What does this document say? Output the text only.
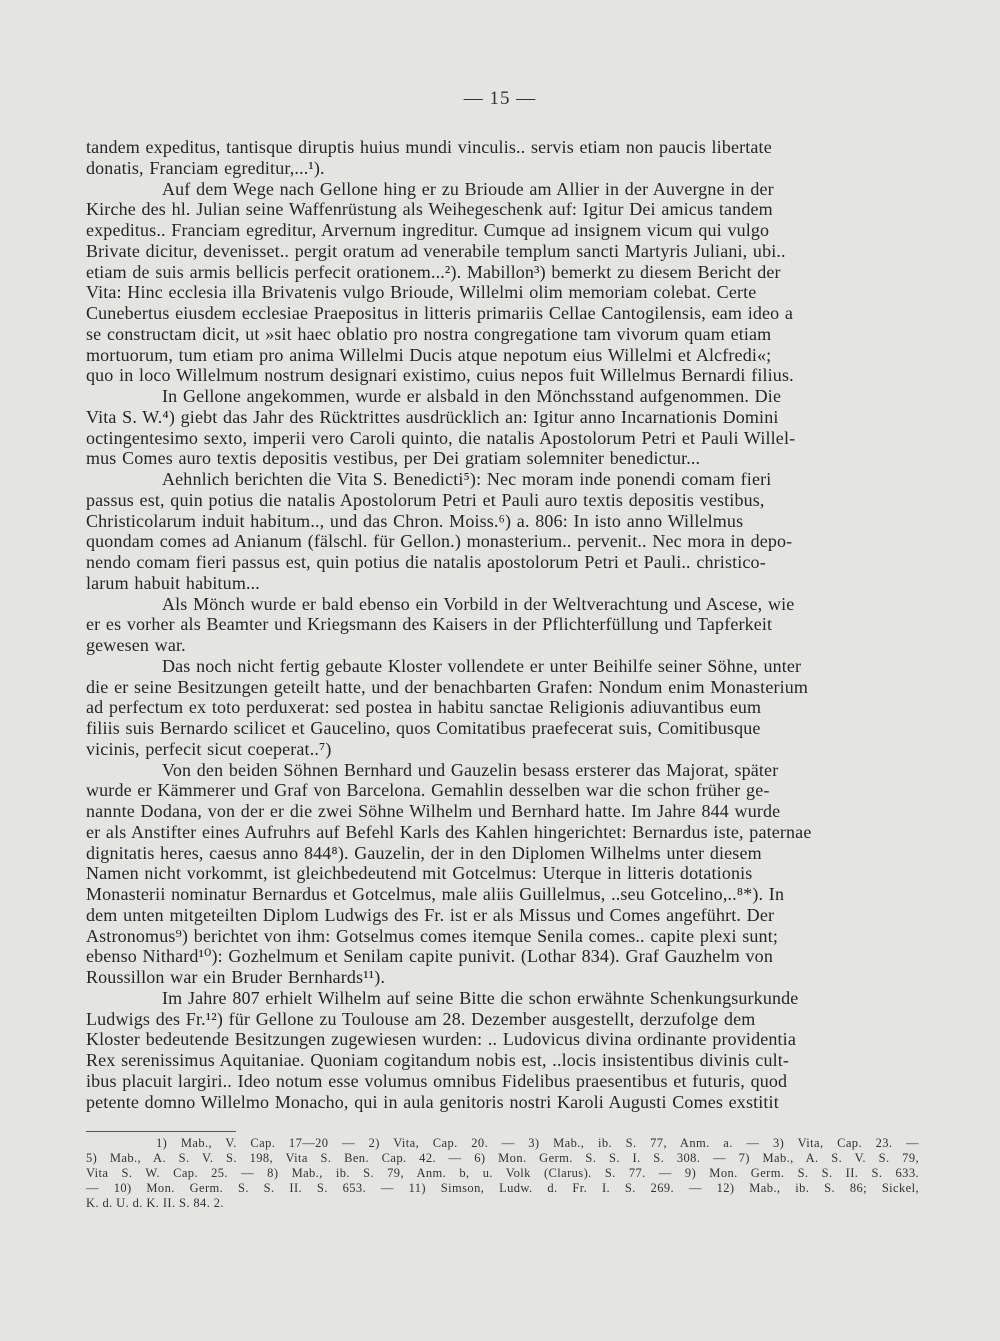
— 15 —

tandem expeditus, tantisque diruptis huius mundi vinculis.. servis etiam non paucis libertate
donatis, Franciam egreditur,...¹).

Auf dem Wege nach Gellone hing er zu Brioude am Allier in der Auvergne in der
Kirche des hl. Julian seine Waffenrüstung als Weihegeschenk auf: Igitur Dei amicus tandem
expeditus.. Franciam egreditur, Arvernum ingreditur. Cumque ad insignem vicum qui vulgo
Brivate dicitur, devenisset.. pergit oratum ad venerabile templum sancti Martyris Juliani, ubi..
etiam de suis armis bellicis perfecit orationem...²). Mabillon³) bemerkt zu diesem Bericht der
Vita: Hinc ecclesia illa Brivatenis vulgo Brioude, Willelmi olim memoriam colebat. Certe
Cunebertus eiusdem ecclesiae Praepositus in litteris primariis Cellae Cantogilensis, eam ideo a
se constructam dicit, ut »sit haec oblatio pro nostra congregatione tam vivorum quam etiam
mortuorum, tum etiam pro anima Willelmi Ducis atque nepotum eius Willelmi et Alcfredi«;
quo in loco Willelmum nostrum designari existimo, cuius nepos fuit Willelmus Bernardi filius.

In Gellone angekommen, wurde er alsbald in den Mönchsstand aufgenommen. Die
Vita S. W.⁴) giebt das Jahr des Rücktrittes ausdrücklich an: Igitur anno Incarnationis Domini
octingentesimo sexto, imperii vero Caroli quinto, die natalis Apostolorum Petri et Pauli Willel-
mus Comes auro textis depositis vestibus, per Dei gratiam solemniter benedictur...

Aehnlich berichten die Vita S. Benedicti⁵): Nec moram inde ponendi comam fieri
passus est, quin potius die natalis Apostolorum Petri et Pauli auro textis depositis vestibus,
Christicolarum induit habitum.., und das Chron. Moiss.⁶) a. 806: In isto anno Willelmus
quondam comes ad Anianum (fälschl. für Gellon.) monasterium.. pervenit.. Nec mora in depo-
nendo comam fieri passus est, quin potius die natalis apostolorum Petri et Pauli.. christico-
larum habuit habitum...

Als Mönch wurde er bald ebenso ein Vorbild in der Weltverachtung und Ascese, wie
er es vorher als Beamter und Kriegsmann des Kaisers in der Pflichterfüllung und Tapferkeit
gewesen war.

Das noch nicht fertig gebaute Kloster vollendete er unter Beihilfe seiner Söhne, unter
die er seine Besitzungen geteilt hatte, und der benachbarten Grafen: Nondum enim Monasterium
ad perfectum ex toto perduxerat: sed postea in habitu sanctae Religionis adiuvantibus eum
filiis suis Bernardo scilicet et Gaucelino, quos Comitatibus praefecerat suis, Comitibusque
vicinis, perfecit sicut coeperat..⁷)

Von den beiden Söhnen Bernhard und Gauzelin besass ersterer das Majorat, später
wurde er Kämmerer und Graf von Barcelona. Gemahlin desselben war die schon früher ge-
nannte Dodana, von der er die zwei Söhne Wilhelm und Bernhard hatte. Im Jahre 844 wurde
er als Anstifter eines Aufruhrs auf Befehl Karls des Kahlen hingerichtet: Bernardus iste, paternae
dignitatis heres, caesus anno 844⁸). Gauzelin, der in den Diplomen Wilhelms unter diesem
Namen nicht vorkommt, ist gleichbedeutend mit Gotcelmus: Uterque in litteris dotationis
Monasterii nominatur Bernardus et Gotcelmus, male aliis Guillelmus, ..seu Gotcelino,..⁸*). In
dem unten mitgeteilten Diplom Ludwigs des Fr. ist er als Missus und Comes angeführt. Der
Astronomus⁹) berichtet von ihm: Gotselmus comes itemque Senila comes.. capite plexi sunt;
ebenso Nithard¹⁰): Gozhelmum et Senilam capite punivit. (Lothar 834). Graf Gauzhelm von
Roussillon war ein Bruder Bernhards¹¹).

Im Jahre 807 erhielt Wilhelm auf seine Bitte die schon erwähnte Schenkungsurkunde
Ludwigs des Fr.¹²) für Gellone zu Toulouse am 28. Dezember ausgestellt, derzufolge dem
Kloster bedeutende Besitzungen zugewiesen wurden: .. Ludovicus divina ordinante providentia
Rex serenissimus Aquitaniae. Quoniam cogitandum nobis est, ..locis insistentibus divinis cult-
ibus placuit largiri.. Ideo notum esse volumus omnibus Fidelibus praesentibus et futuris, quod
petente domno Willelmo Monacho, qui in aula genitoris nostri Karoli Augusti Comes exstitit

1) Mab., V. Cap. 17—20 — 2) Vita, Cap. 20. — 3) Mab., ib. S. 77, Anm. a. — 3) Vita, Cap. 23. —

5) Mab., A. S. V. S. 198, Vita S. Ben. Cap. 42. — 6) Mon. Germ. S. S. I. S. 308. — 7) Mab., A. S. V. S. 79,

Vita S. W. Cap. 25. — 8) Mab., ib. S. 79, Anm. b, u. Volk (Clarus). S. 77. — 9) Mon. Germ. S. S. II. S. 633.

— 10) Mon. Germ. S. S. II. S. 653. — 11) Simson, Ludw. d. Fr. I. S. 269. — 12) Mab., ib. S. 86; Sickel,

K. d. U. d. K. II. S. 84. 2.
